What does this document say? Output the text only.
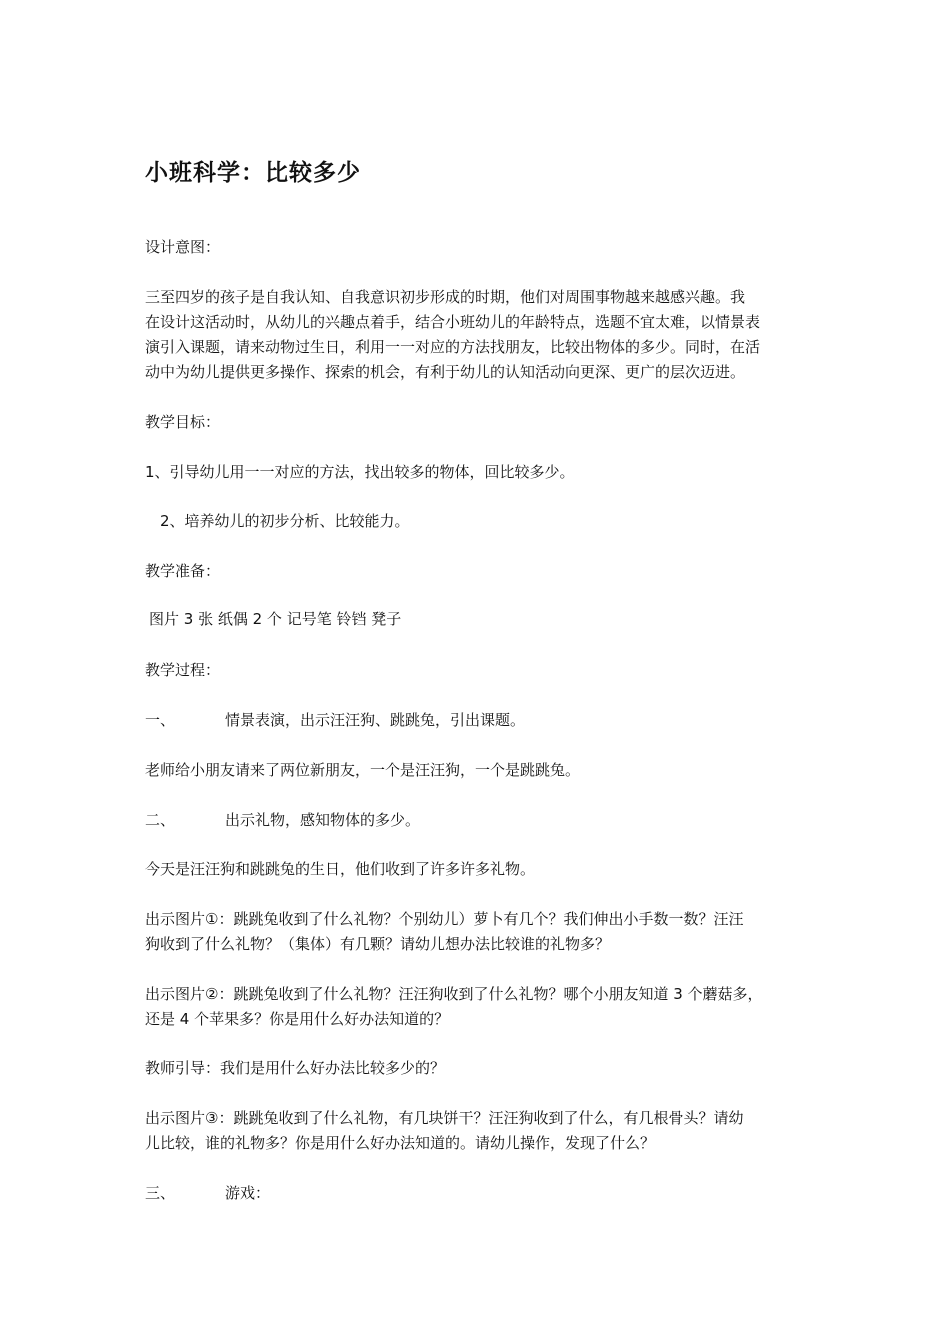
小班科学：比较多少
设计意图：
三至四岁的孩子是自我认知、自我意识初步形成的时期，他们对周围事物越来越感兴趣。我
在设计这活动时，从幼儿的兴趣点着手，结合小班幼儿的年龄特点，选题不宜太难，以情景表
演引入课题，请来动物过生日，利用一一对应的方法找朋友，比较出物体的多少。同时，在活
动中为幼儿提供更多操作、探索的机会，有利于幼儿的认知活动向更深、更广的层次迈进。
教学目标：
1、引导幼儿用一一对应的方法，找出较多的物体，回比较多少。
2、培养幼儿的初步分析、比较能力。
教学准备：
图片 3 张 纸偶 2 个 记号笔 铃铛 凳子
教学过程：
一、	情景表演，出示汪汪狗、跳跳兔，引出课题。
老师给小朋友请来了两位新朋友，一个是汪汪狗，一个是跳跳兔。
二、	出示礼物，感知物体的多少。
今天是汪汪狗和跳跳兔的生日，他们收到了许多许多礼物。
出示图片①：跳跳兔收到了什么礼物？个别幼儿）萝卜有几个？我们伸出小手数一数？汪汪
狗收到了什么礼物？（集体）有几颗？请幼儿想办法比较谁的礼物多？
出示图片②：跳跳兔收到了什么礼物？汪汪狗收到了什么礼物？哪个小朋友知道 3 个蘑菇多，
还是 4 个苹果多？你是用什么好办法知道的？
教师引导：我们是用什么好办法比较多少的？
出示图片③：跳跳兔收到了什么礼物，有几块饼干？汪汪狗收到了什么，有几根骨头？请幼
儿比较，谁的礼物多？你是用什么好办法知道的。请幼儿操作，发现了什么？
三、	游戏：
